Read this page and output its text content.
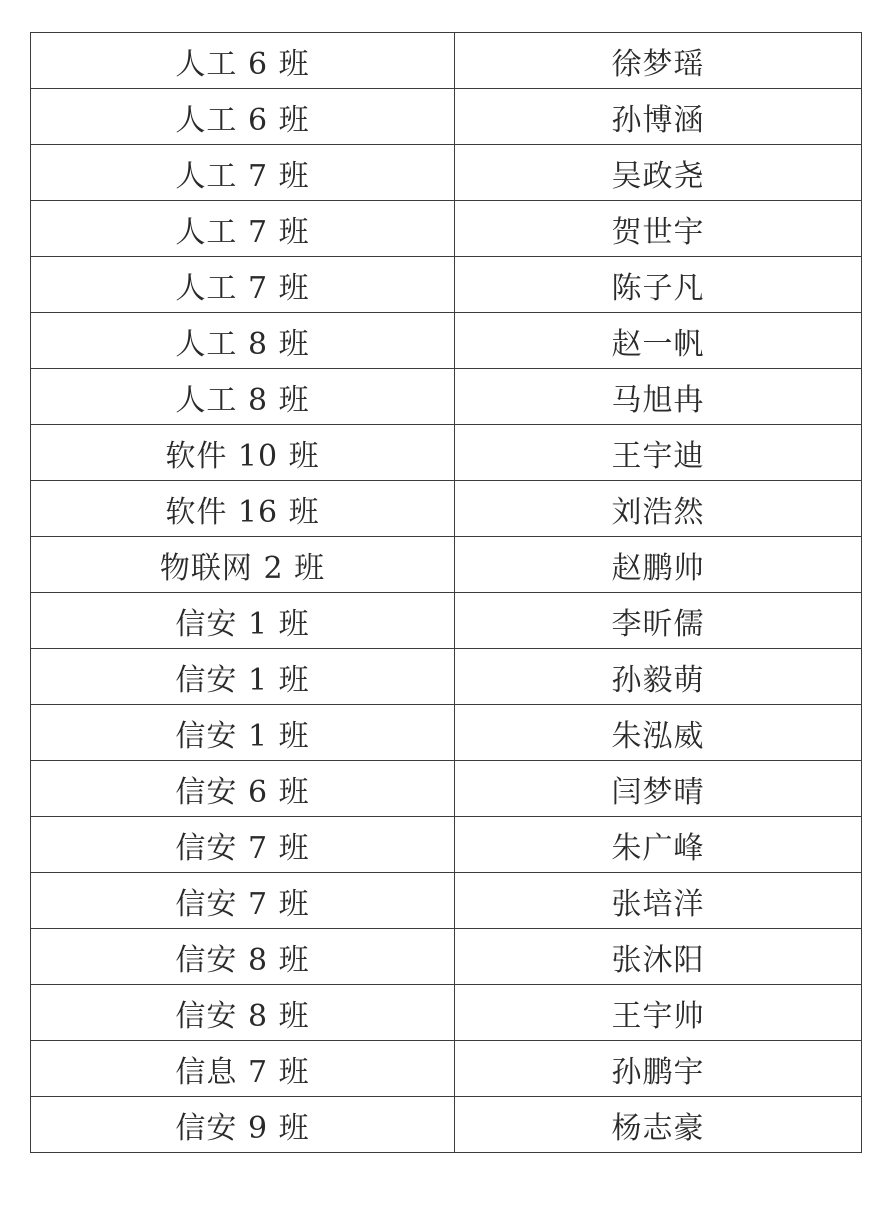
人工 6 班	徐梦瑶
人工 6 班	孙博涵
人工 7 班	吴政尧
人工 7 班	贺世宇
人工 7 班	陈子凡
人工 8 班	赵一帆
人工 8 班	马旭冉
软件 10 班	王宇迪
软件 16 班	刘浩然
物联网 2 班	赵鹏帅
信安 1 班	李昕儒
信安 1 班	孙毅萌
信安 1 班	朱泓威
信安 6 班	闫梦晴
信安 7 班	朱广峰
信安 7 班	张培洋
信安 8 班	张沐阳
信安 8 班	王宇帅
信息 7 班	孙鹏宇
信安 9 班	杨志豪
